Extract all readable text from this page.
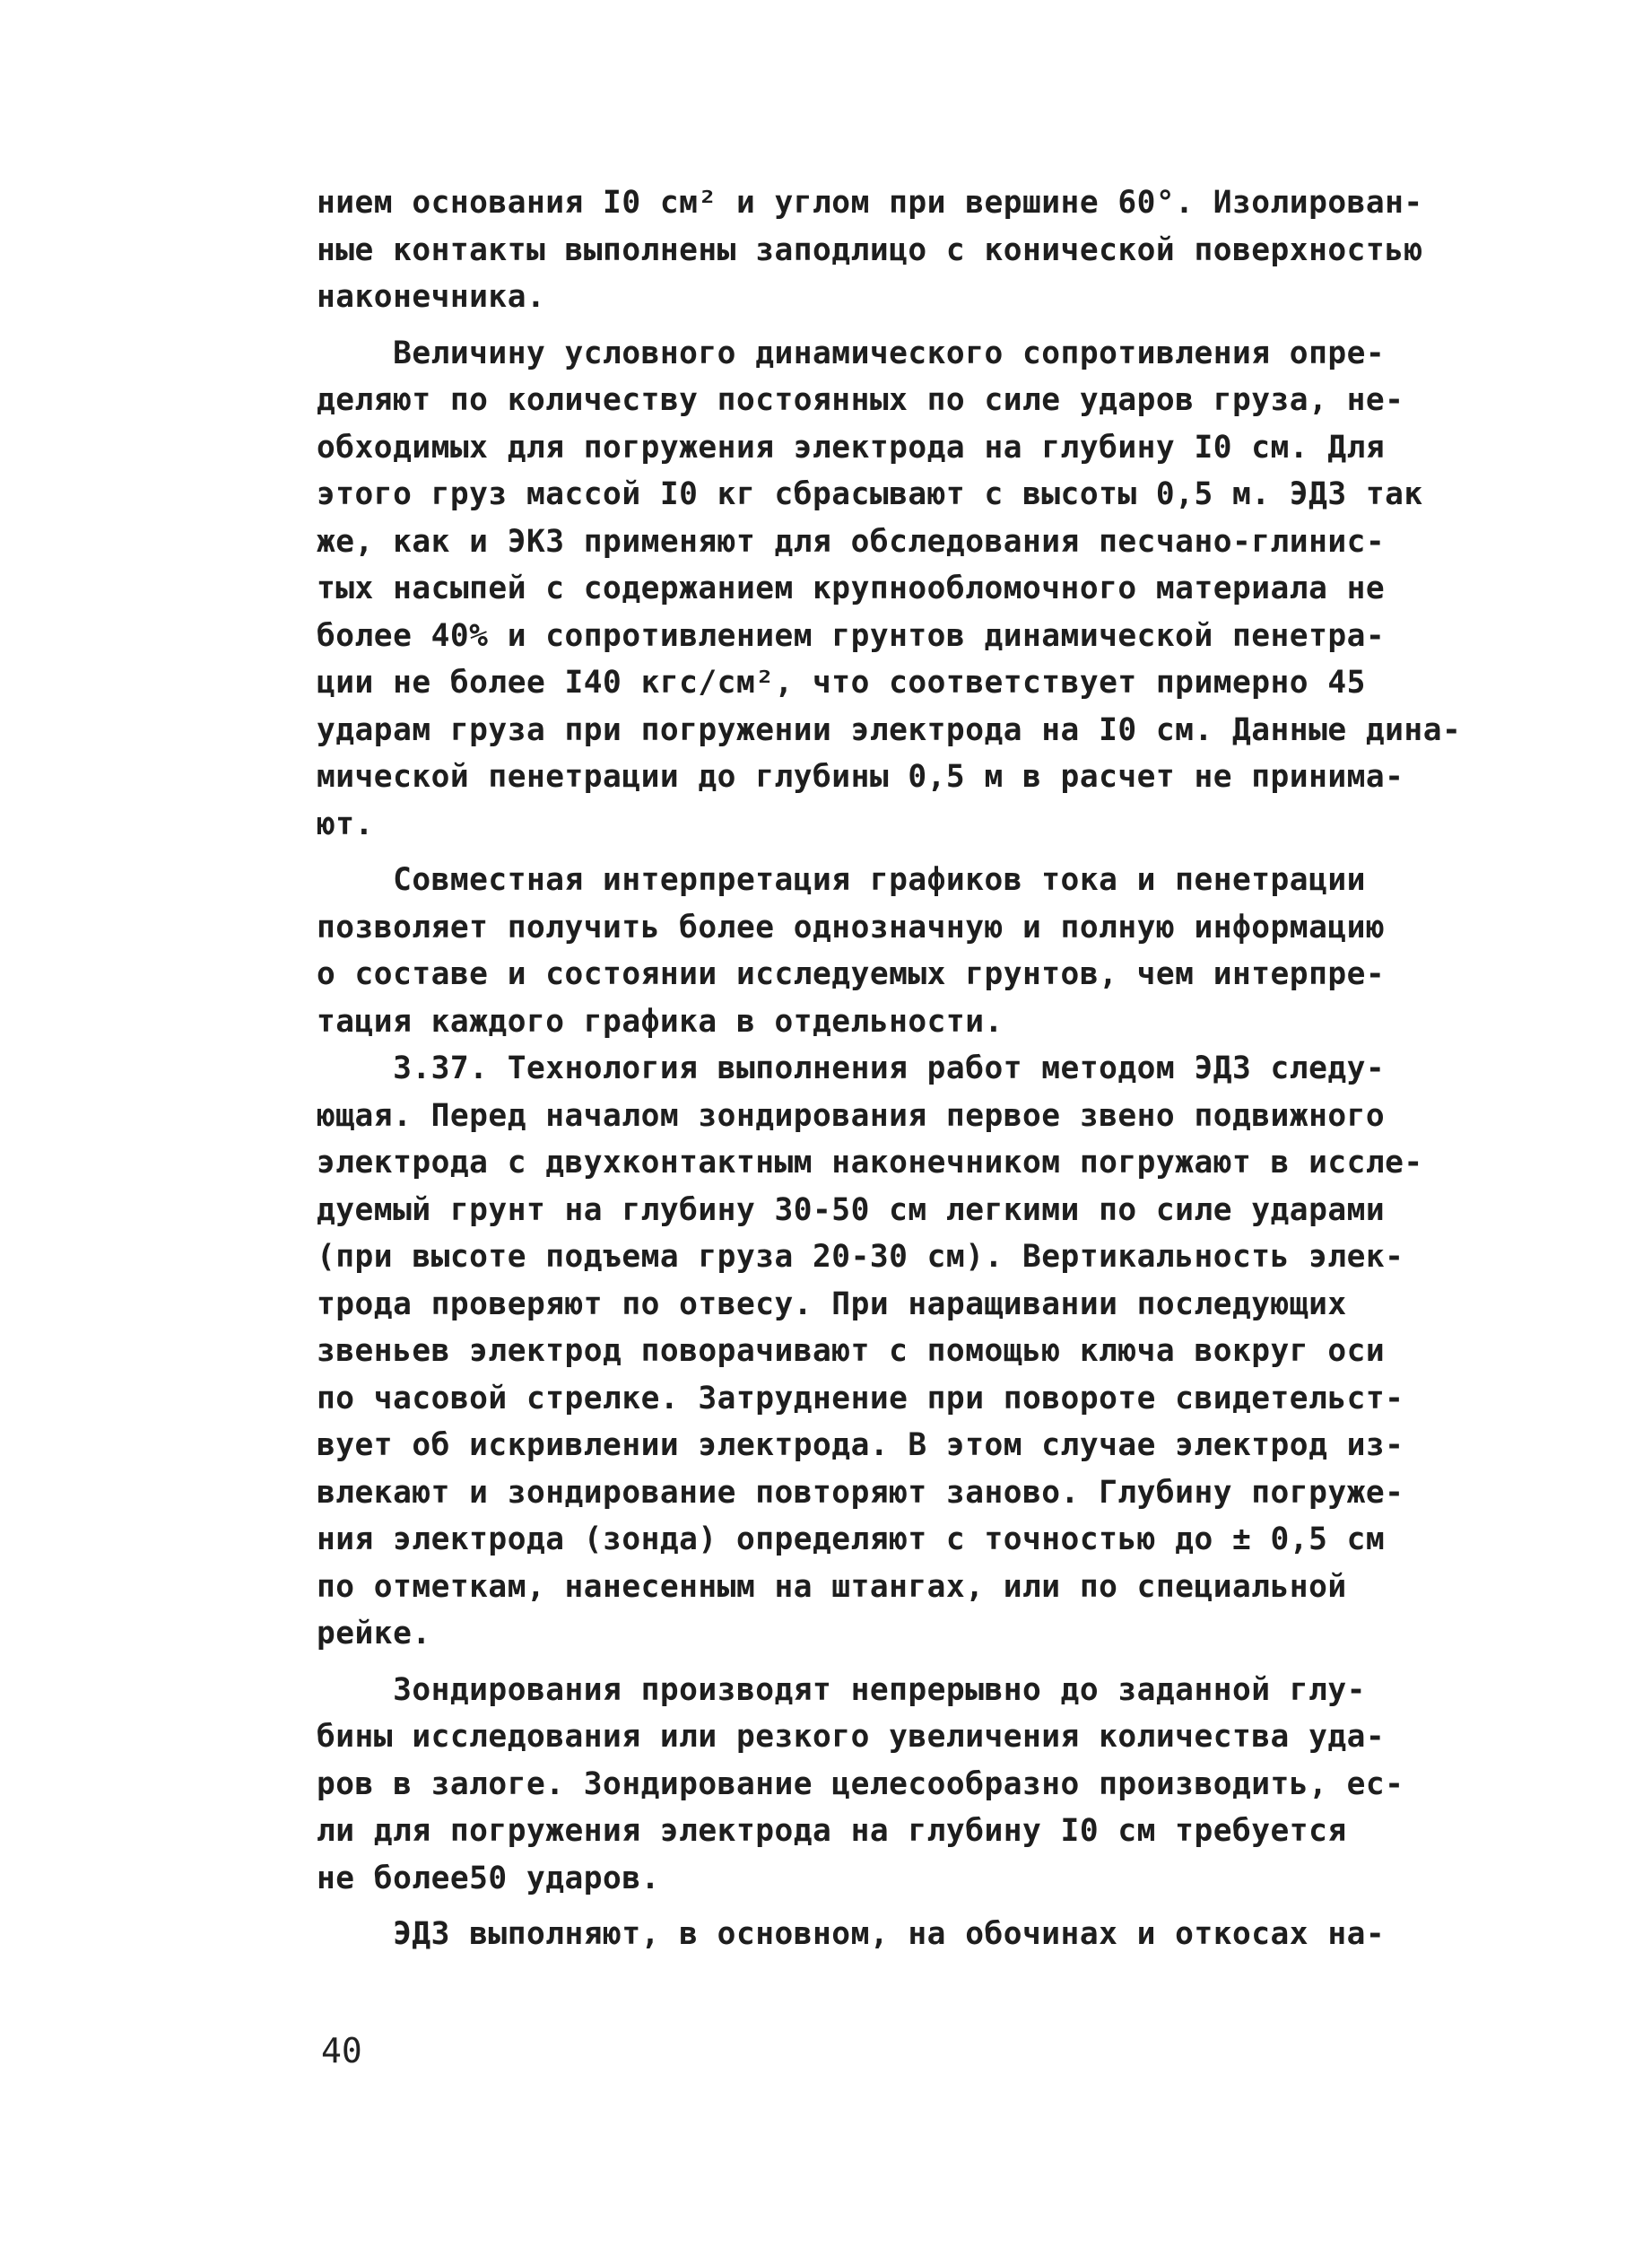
нием основания I0 см² и углом при вершине 60°. Изолирован-
ные контакты выполнены заподлицо с конической поверхностью
наконечника.
Величину условного динамического сопротивления опре-
деляют по количеству постоянных по силе ударов груза, не-
обходимых для погружения электрода на глубину I0 см. Для
этого груз массой I0 кг сбрасывают с высоты 0,5 м. ЭДЗ так
же, как и ЭКЗ применяют для обследования песчано-глинис-
тых насыпей с содержанием крупнообломочного материала не
более 40% и сопротивлением грунтов динамической пенетра-
ции не более I40 кгс/см², что соответствует примерно 45
ударам груза при погружении электрода на I0 см. Данные дина-
мической пенетрации до глубины 0,5 м в расчет не принима-
ют.
Совместная интерпретация графиков тока и пенетрации
позволяет получить более однозначную и полную информацию
о составе и состоянии исследуемых грунтов, чем интерпре-
тация каждого графика в отдельности.
3.37. Технология выполнения работ методом ЭДЗ следу-
ющая. Перед началом зондирования первое звено подвижного
электрода с двухконтактным наконечником погружают в иссле-
дуемый грунт на глубину 30-50 см легкими по силе ударами
(при высоте подъема груза 20-30 см). Вертикальность элек-
трода проверяют по отвесу. При наращивании последующих
звеньев электрод поворачивают с помощью ключа вокруг оси
по часовой стрелке. Затруднение при повороте свидетельст-
вует об искривлении электрода. В этом случае электрод из-
влекают и зондирование повторяют заново. Глубину погруже-
ния электрода (зонда) определяют с точностью до ± 0,5 см
по отметкам, нанесенным на штангах, или по специальной
рейке.
Зондирования производят непрерывно до заданной глу-
бины исследования или резкого увеличения количества уда-
ров в залоге. Зондирование целесообразно производить, ес-
ли для погружения электрода на глубину I0 см требуется
не более50 ударов.
ЭДЗ выполняют, в основном, на обочинах и откосах на-
40
